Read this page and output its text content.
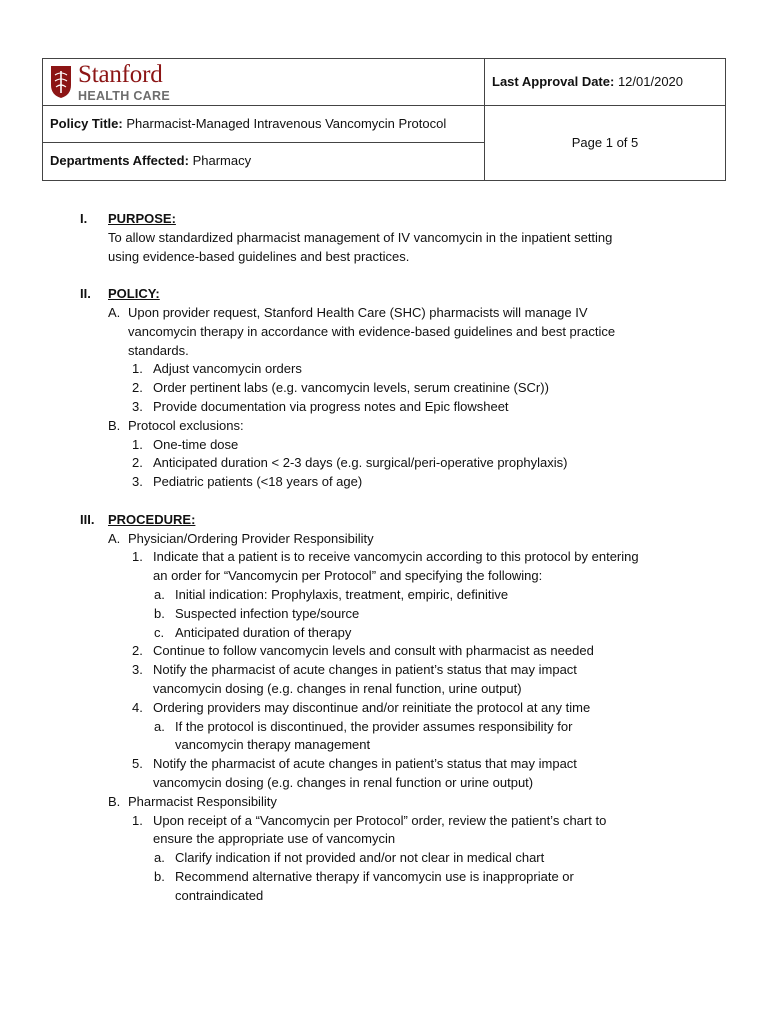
Stanford
HEALTH CARE	Last Approval Date: 12/01/2020
Policy Title: Pharmacist-Managed Intravenous Vancomycin Protocol	Page 1 of 5
Departments Affected: Pharmacy	
I. PURPOSE:
To allow standardized pharmacist management of IV vancomycin in the inpatient setting
using evidence-based guidelines and best practices.
II. POLICY:
A. Upon provider request, Stanford Health Care (SHC) pharmacists will manage IV
vancomycin therapy in accordance with evidence-based guidelines and best practice
standards.
1. Adjust vancomycin orders
2. Order pertinent labs (e.g. vancomycin levels, serum creatinine (SCr))
3. Provide documentation via progress notes and Epic flowsheet
B. Protocol exclusions:
1. One-time dose
2. Anticipated duration < 2-3 days (e.g. surgical/peri-operative prophylaxis)
3. Pediatric patients (<18 years of age)
III. PROCEDURE:
A. Physician/Ordering Provider Responsibility
1. Indicate that a patient is to receive vancomycin according to this protocol by entering
an order for “Vancomycin per Protocol” and specifying the following:
a. Initial indication: Prophylaxis, treatment, empiric, definitive
b. Suspected infection type/source
c. Anticipated duration of therapy
2. Continue to follow vancomycin levels and consult with pharmacist as needed
3. Notify the pharmacist of acute changes in patient’s status that may impact
vancomycin dosing (e.g. changes in renal function, urine output)
4. Ordering providers may discontinue and/or reinitiate the protocol at any time
a. If the protocol is discontinued, the provider assumes responsibility for
vancomycin therapy management
5. Notify the pharmacist of acute changes in patient’s status that may impact
vancomycin dosing (e.g. changes in renal function or urine output)
B. Pharmacist Responsibility
1. Upon receipt of a “Vancomycin per Protocol” order, review the patient’s chart to
ensure the appropriate use of vancomycin
a. Clarify indication if not provided and/or not clear in medical chart
b. Recommend alternative therapy if vancomycin use is inappropriate or
contraindicated
